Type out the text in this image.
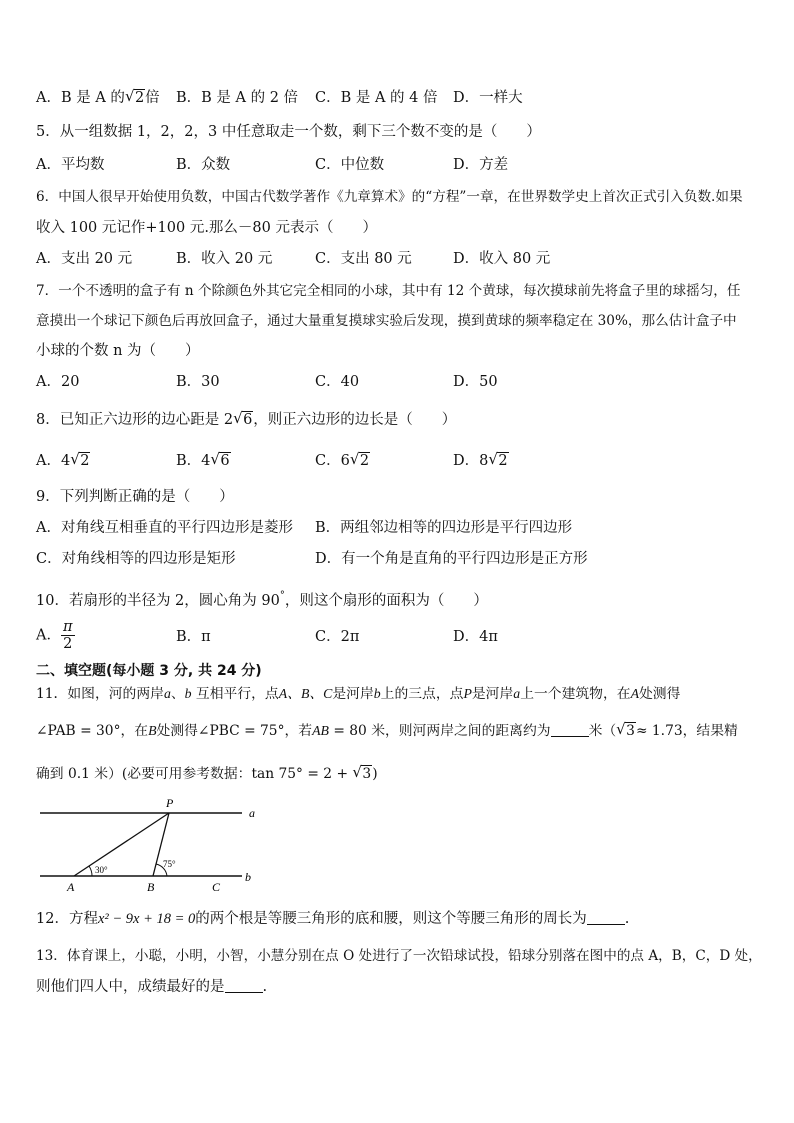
A．B 是 A 的 √ 2倍 B．B 是 A 的 2 倍 C．B 是 A 的 4 倍 D．一样大
5．从一组数据 1，2，2，3 中任意取走一个数，剩下三个数不变的是（　　）
A．平均数	B．众数	C．中位数	D．方差
6．中国人很早开始使用负数，中国古代数学著作《九章算术》的“方程”一章，在世界数学史上首次正式引入负数.如果
收入 100 元记作+100 元.那么－80 元表示（　　）
A．支出 20 元	B．收入 20 元	C．支出 80 元	D．收入 80 元
7．一个不透明的盒子有 n 个除颜色外其它完全相同的小球，其中有 12 个黄球，每次摸球前先将盒子里的球摇匀，任
意摸出一个球记下颜色后再放回盒子，通过大量重复摸球实验后发现，摸到黄球的频率稳定在 30%，那么估计盒子中
小球的个数 n 为（　　）
A．20	B．30	C．40	D．50
8．已知正六边形的边心距是 2 √ 6，则正六边形的边长是（　　）
A．4 √ 2	B．4 √ 6	C．6 √ 2	D．8 √ 2
9．下列判断正确的是（　　）
A．对角线互相垂直的平行四边形是菱形 B．两组邻边相等的四边形是平行四边形
C．对角线相等的四边形是矩形	D．有一个角是直角的平行四边形是正方形
10．若扇形的半径为 2，圆心角为 90°，则这个扇形的面积为（　　）
A． $\frac{\pi}{2}$	B．π	C．2π	D．4π
二、填空题(每小题 3 分, 共 24 分)
11．如图，河的两岸a、b 互相平行，点A、B、C是河岸b上的三点，点P是河岸a上一个建筑物，在A处测得
∠PAB = 30°，在B处测得∠PBC = 75°，若AB = 80 米，则河两岸之间的距离约为	米（ √ 3≈ 1.73，结果精
确到 0.1 米）(必要可用参考数据：tan 75° = 2 + √ 3)
P
a
b
A	B	C
30°
75°
12．方程x² − 9x + 18 = 0的两个根是等腰三角形的底和腰，则这个等腰三角形的周长为	.
13．体育课上，小聪，小明，小智，小慧分别在点 O 处进行了一次铅球试投，铅球分别落在图中的点 A，B，C，D 处，
则他们四人中，成绩最好的是	.
